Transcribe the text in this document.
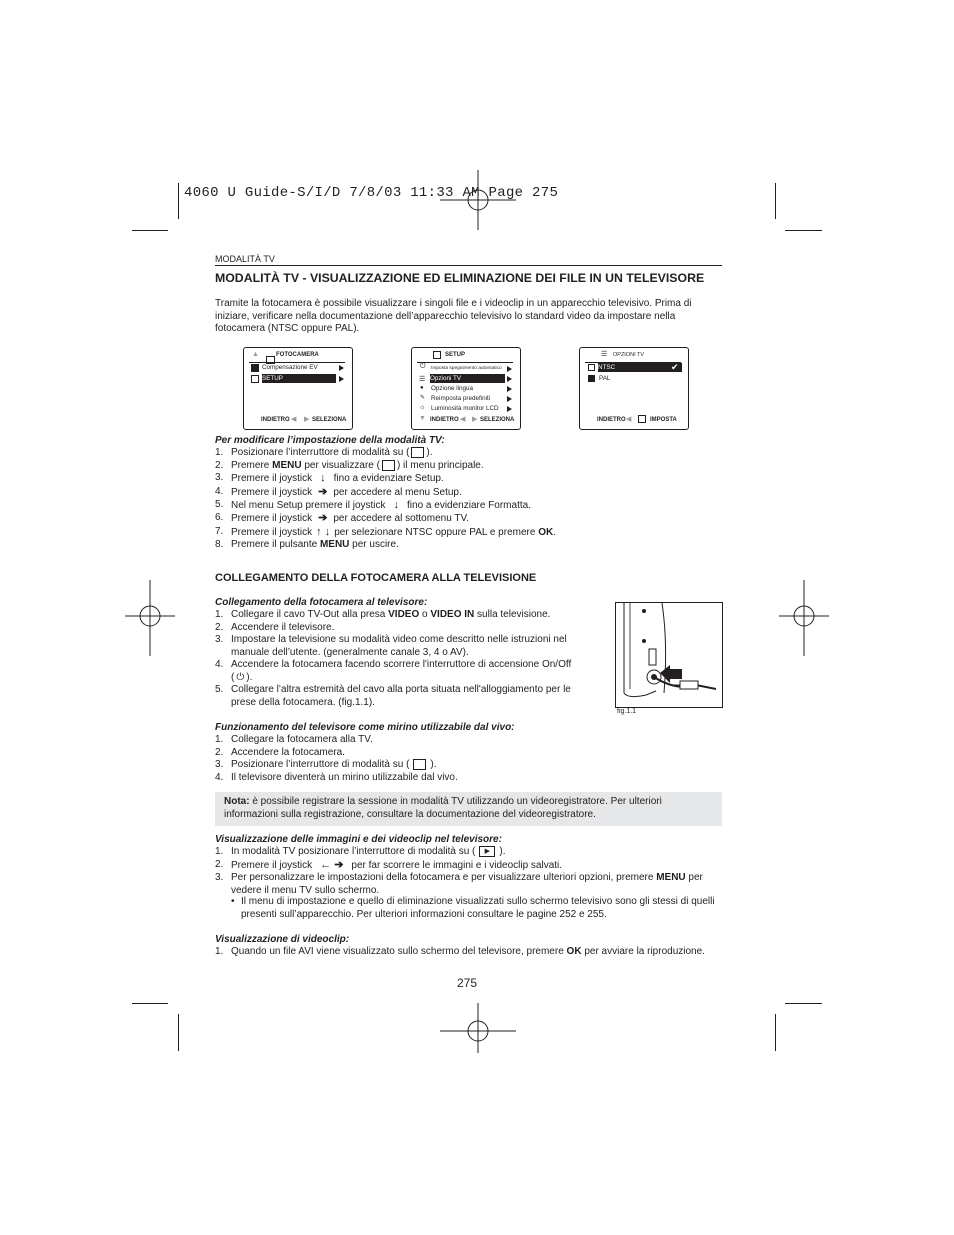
4060 U Guide-S/I/D 7/8/03 11:33 AM Page 275
MODALITÀ TV
MODALITÀ TV - VISUALIZZAZIONE ED ELIMINAZIONE DEI FILE IN UN TELEVISORE
Tramite la fotocamera è possibile visualizzare i singoli file e i videoclip in un apparecchio televisivo. Prima di iniziare, verificare nella documentazione dell’apparecchio televisivo lo standard video da impostare nella fotocamera (NTSC oppure PAL).
▲	FOTOCAMERA
Compensazione EV
SETUP
INDIETRO ◀ ▶ SELEZIONA
SETUP
⏻ Imposta spegnimento automatico
☰ Opzioni TV
● Opzione lingua
✎ Reimposta predefiniti
☼ Luminosità monitor LCD
▼ INDIETRO ◀ ▶ SELEZIONA
☰ OPZIONI TV
NTSC	✔
PAL
INDIETRO ◀	IMPOSTA
Per modificare l’impostazione della modalità TV:
1. Posizionare l’interruttore di modalità su ( ).
2. Premere MENU per visualizzare ( ) il menu principale.
3. Premere il joystick ↓ fino a evidenziare Setup.
4. Premere il joystick ➔ per accedere al menu Setup.
5. Nel menu Setup premere il joystick ↓ fino a evidenziare Formatta.
6. Premere il joystick ➔ per accedere al sottomenu TV.
7. Premere il joystick ↑ ↓ per selezionare NTSC oppure PAL e premere OK.
8. Premere il pulsante MENU per uscire.
COLLEGAMENTO DELLA FOTOCAMERA ALLA TELEVISIONE
Collegamento della fotocamera al televisore:
1. Collegare il cavo TV-Out alla presa VIDEO o VIDEO IN sulla televisione.
2. Accendere il televisore.
3. Impostare la televisione su modalità video come descritto nelle istruzioni nel manuale dell’utente. (generalmente canale 3, 4 o AV).
4. Accendere la fotocamera facendo scorrere l'interruttore di accensione On/Off ( ⏻ ).
5. Collegare l’altra estremità del cavo alla porta situata nell'alloggiamento per le prese della fotocamera. (fig.1.1).
fig.1.1
Funzionamento del televisore come mirino utilizzabile dal vivo:
1. Collegare la fotocamera alla TV.
2. Accendere la fotocamera.
3. Posizionare l’interruttore di modalità su ( ).
4. Il televisore diventerà un mirino utilizzabile dal vivo.
Nota: è possibile registrare la sessione in modalità TV utilizzando un videoregistratore. Per ulteriori informazioni sulla registrazione, consultare la documentazione del videoregistratore.
Visualizzazione delle immagini e dei videoclip nel televisore:
1. In modalità TV posizionare l’interruttore di modalità su ( ▶ ).
2. Premere il joystick ← ➔ per far scorrere le immagini e i videoclip salvati.
3. Per personalizzare le impostazioni della fotocamera e per visualizzare ulteriori opzioni, premere MENU per vedere il menu TV sullo schermo.
• Il menu di impostazione e quello di eliminazione visualizzati sullo schermo televisivo sono gli stessi di quelli presenti sull’apparecchio. Per ulteriori informazioni consultare le pagine 252 e 255.
Visualizzazione di videoclip:
1. Quando un file AVI viene visualizzato sullo schermo del televisore, premere OK per avviare la riproduzione.
275
